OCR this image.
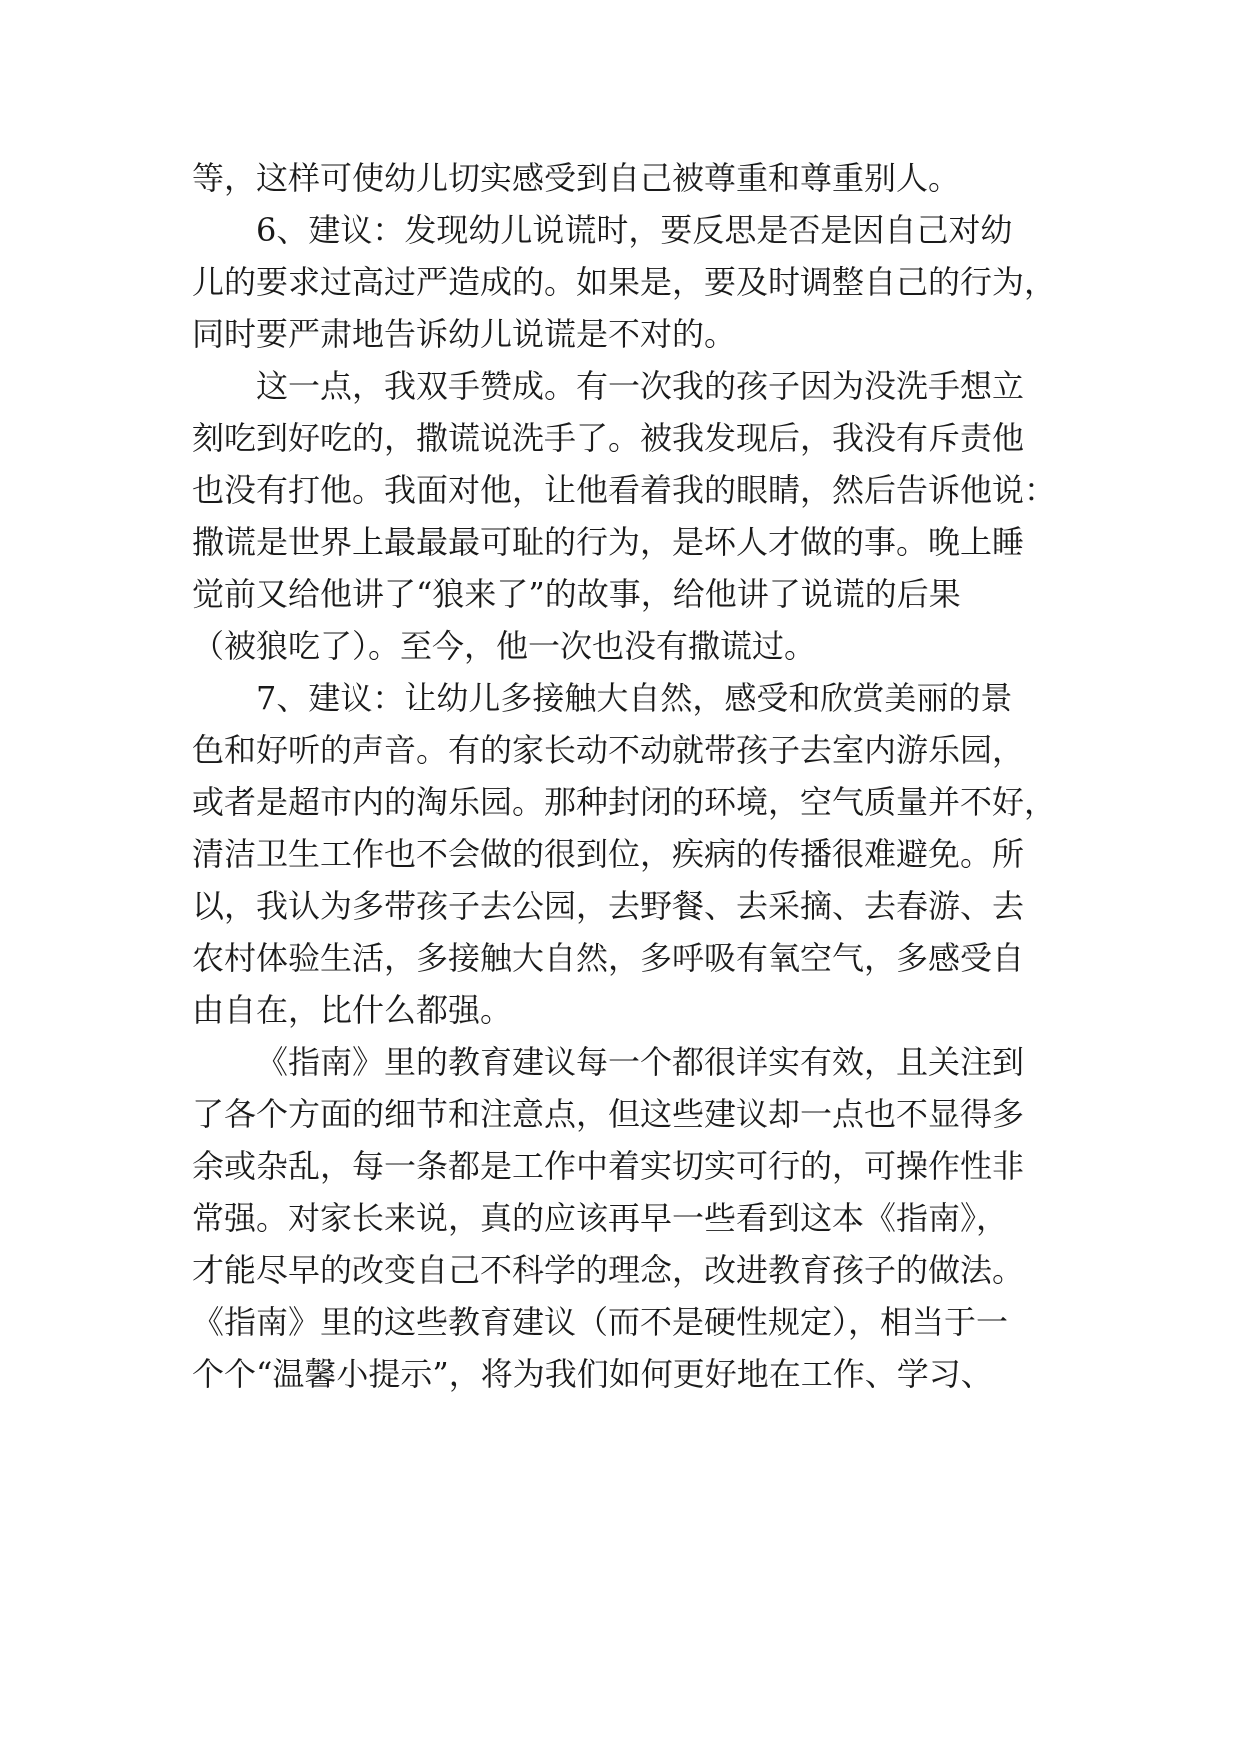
等，这样可使幼儿切实感受到自己被尊重和尊重别人。
6、建议：发现幼儿说谎时，要反思是否是因自己对幼
儿的要求过高过严造成的。如果是，要及时调整自己的行为，
同时要严肃地告诉幼儿说谎是不对的。
这一点，我双手赞成。有一次我的孩子因为没洗手想立
刻吃到好吃的，撒谎说洗手了。被我发现后，我没有斥责他
也没有打他。我面对他，让他看着我的眼睛，然后告诉他说：
撒谎是世界上最最最可耻的行为，是坏人才做的事。晚上睡
觉前又给他讲了“狼来了”的故事，给他讲了说谎的后果
（被狼吃了）。至今，他一次也没有撒谎过。
7、建议：让幼儿多接触大自然，感受和欣赏美丽的景
色和好听的声音。有的家长动不动就带孩子去室内游乐园，
或者是超市内的淘乐园。那种封闭的环境，空气质量并不好，
清洁卫生工作也不会做的很到位，疾病的传播很难避免。所
以，我认为多带孩子去公园，去野餐、去采摘、去春游、去
农村体验生活，多接触大自然，多呼吸有氧空气，多感受自
由自在，比什么都强。
《指南》里的教育建议每一个都很详实有效，且关注到
了各个方面的细节和注意点，但这些建议却一点也不显得多
余或杂乱，每一条都是工作中着实切实可行的，可操作性非
常强。对家长来说，真的应该再早一些看到这本《指南》，
才能尽早的改变自己不科学的理念，改进教育孩子的做法。
《指南》里的这些教育建议（而不是硬性规定），相当于一
个个“温馨小提示”，将为我们如何更好地在工作、学习、
